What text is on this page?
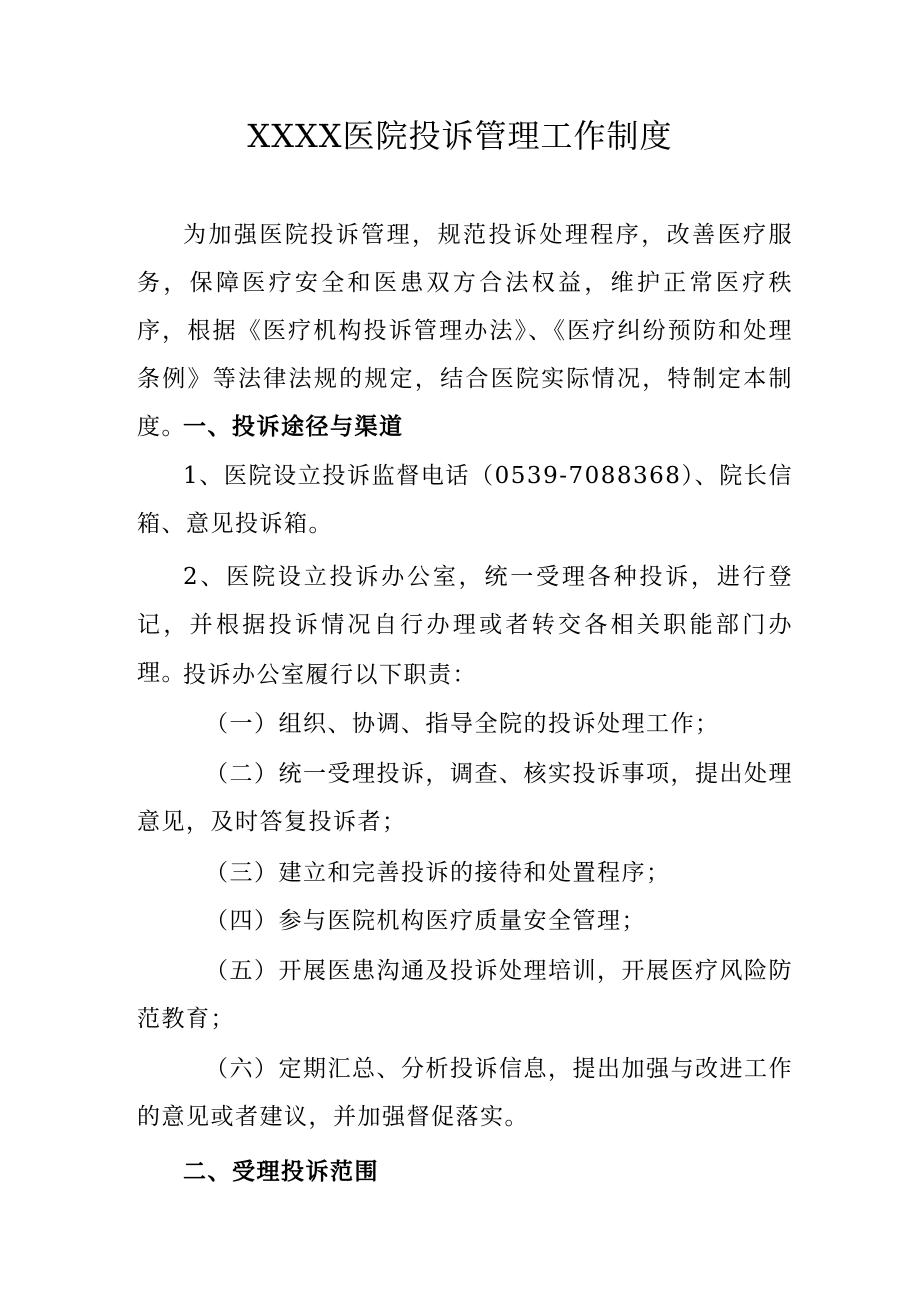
XXXX医院投诉管理工作制度
为加强医院投诉管理，规范投诉处理程序，改善医疗服务，保障医疗安全和医患双方合法权益，维护正常医疗秩序，根据《医疗机构投诉管理办法》、《医疗纠纷预防和处理条例》等法律法规的规定，结合医院实际情况，特制定本制度。
一、投诉途径与渠道
1、医院设立投诉监督电话（0539-7088368）、院长信箱、意见投诉箱。
2、医院设立投诉办公室，统一受理各种投诉，进行登记，并根据投诉情况自行办理或者转交各相关职能部门办理。
投诉办公室履行以下职责：
（一）组织、协调、指导全院的投诉处理工作；
（二）统一受理投诉，调查、核实投诉事项，提出处理意见，及时答复投诉者；
（三）建立和完善投诉的接待和处置程序；
（四）参与医院机构医疗质量安全管理；
（五）开展医患沟通及投诉处理培训，开展医疗风险防范教育；
（六）定期汇总、分析投诉信息，提出加强与改进工作的意见或者建议，并加强督促落实。
二、受理投诉范围
